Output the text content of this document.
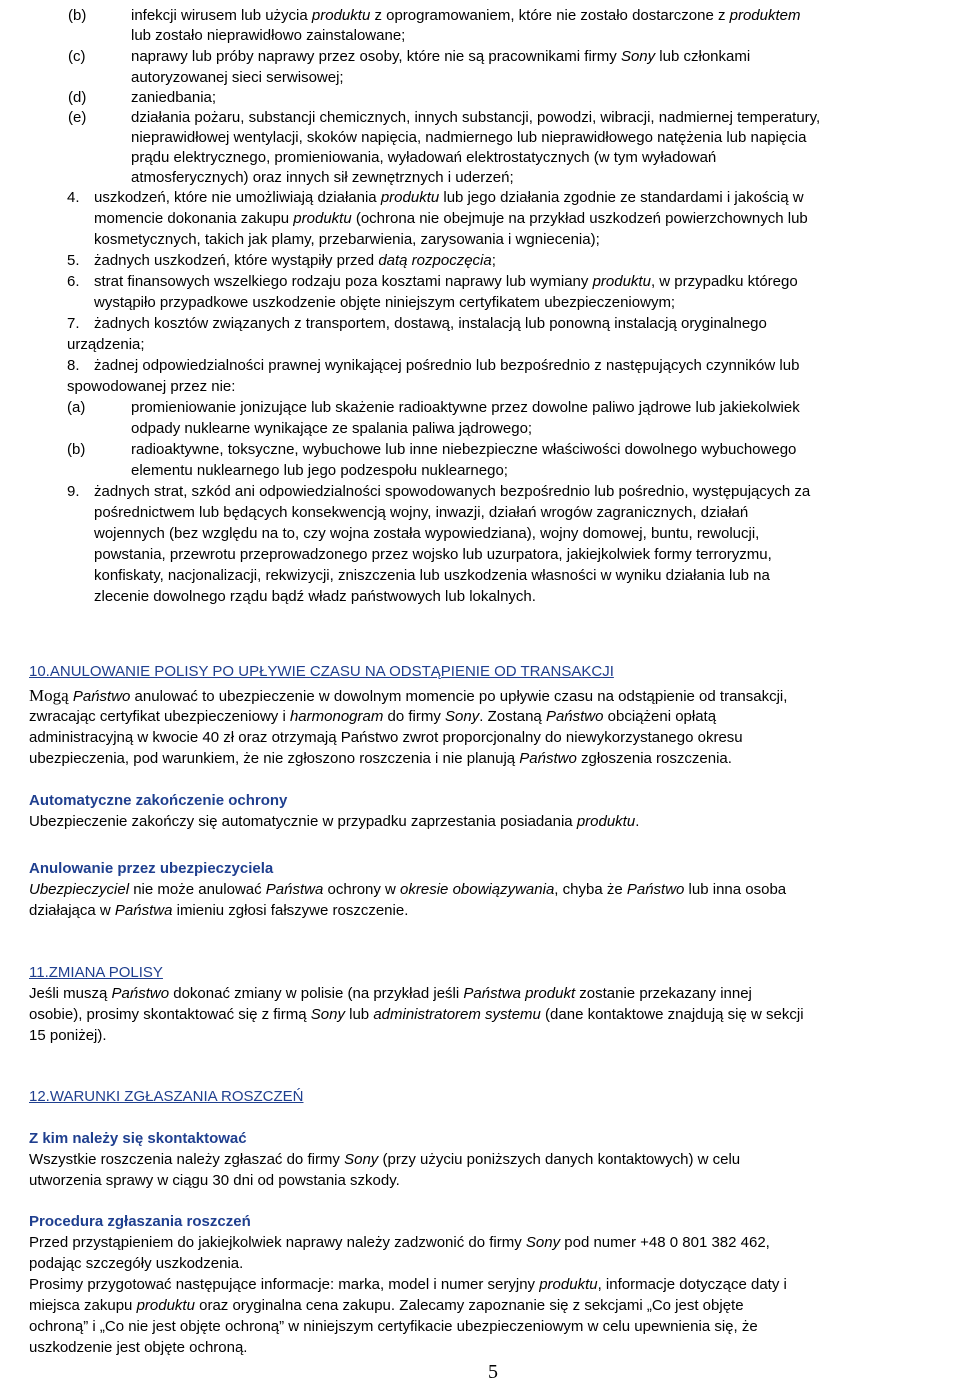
5
(b)	infekcji wirusem lub użycia produktu z oprogramowaniem, które nie zostało dostarczone z produktem
lub zostało nieprawidłowo zainstalowane;
(c)	naprawy lub próby naprawy przez osoby, które nie są pracownikami firmy Sony lub członkami
autoryzowanej sieci serwisowej;
(d)	zaniedbania;
(e)	działania pożaru, substancji chemicznych, innych substancji, powodzi, wibracji, nadmiernej temperatury,
nieprawidłowej wentylacji, skoków napięcia, nadmiernego lub nieprawidłowego natężenia lub napięcia
prądu elektrycznego, promieniowania, wyładowań elektrostatycznych (w tym wyładowań
atmosferycznych) oraz innych sił zewnętrznych i uderzeń;
4. uszkodzeń, które nie umożliwiają działania produktu lub jego działania zgodnie ze standardami i jakością w
momencie dokonania zakupu produktu (ochrona nie obejmuje na przykład uszkodzeń powierzchownych lub
kosmetycznych, takich jak plamy, przebarwienia, zarysowania i wgniecenia);
5. żadnych uszkodzeń, które wystąpiły przed datą rozpoczęcia;
6. strat finansowych wszelkiego rodzaju poza kosztami naprawy lub wymiany produktu, w przypadku którego
wystąpiło przypadkowe uszkodzenie objęte niniejszym certyfikatem ubezpieczeniowym;
7. żadnych kosztów związanych z transportem, dostawą, instalacją lub ponowną instalacją oryginalnego
urządzenia;
8. żadnej odpowiedzialności prawnej wynikającej pośrednio lub bezpośrednio z następujących czynników lub
spowodowanej przez nie:
(a)	promieniowanie jonizujące lub skażenie radioaktywne przez dowolne paliwo jądrowe lub jakiekolwiek
odpady nuklearne wynikające ze spalania paliwa jądrowego;
(b)	radioaktywne, toksyczne, wybuchowe lub inne niebezpieczne właściwości dowolnego wybuchowego
elementu nuklearnego lub jego podzespołu nuklearnego;
9. żadnych strat, szkód ani odpowiedzialności spowodowanych bezpośrednio lub pośrednio, występujących za
pośrednictwem lub będących konsekwencją wojny, inwazji, działań wrogów zagranicznych, działań
wojennych (bez względu na to, czy wojna została wypowiedziana), wojny domowej, buntu, rewolucji,
powstania, przewrotu przeprowadzonego przez wojsko lub uzurpatora, jakiejkolwiek formy terroryzmu,
konfiskaty, nacjonalizacji, rekwizycji, zniszczenia lub uszkodzenia własności w wyniku działania lub na
zlecenie dowolnego rządu bądź władz państwowych lub lokalnych.
10.ANULOWANIE POLISY PO UPŁYWIE CZASU NA ODSTĄPIENIE OD TRANSAKCJI
Mogą Państwo anulować to ubezpieczenie w dowolnym momencie po upływie czasu na odstąpienie od transakcji,
zwracając certyfikat ubezpieczeniowy i harmonogram do firmy Sony. Zostaną Państwo obciążeni opłatą
administracyjną w kwocie 40 zł oraz otrzymają Państwo zwrot proporcjonalny do niewykorzystanego okresu
ubezpieczenia, pod warunkiem, że nie zgłoszono roszczenia i nie planują Państwo zgłoszenia roszczenia.
Automatyczne zakończenie ochrony
Ubezpieczenie zakończy się automatycznie w przypadku zaprzestania posiadania produktu.
Anulowanie przez ubezpieczyciela
Ubezpieczyciel nie może anulować Państwa ochrony w okresie obowiązywania, chyba że Państwo lub inna osoba
działająca w Państwa imieniu zgłosi fałszywe roszczenie.
11.ZMIANA POLISY
Jeśli muszą Państwo dokonać zmiany w polisie (na przykład jeśli Państwa produkt zostanie przekazany innej
osobie), prosimy skontaktować się z firmą Sony lub administratorem systemu (dane kontaktowe znajdują się w sekcji
15 poniżej).
12.WARUNKI ZGŁASZANIA ROSZCZEŃ
Z kim należy się skontaktować
Wszystkie roszczenia należy zgłaszać do firmy Sony (przy użyciu poniższych danych kontaktowych) w celu
utworzenia sprawy w ciągu 30 dni od powstania szkody.
Procedura zgłaszania roszczeń
Przed przystąpieniem do jakiejkolwiek naprawy należy zadzwonić do firmy Sony pod numer +48 0 801 382 462,
podając szczegóły uszkodzenia.
Prosimy przygotować następujące informacje: marka, model i numer seryjny produktu, informacje dotyczące daty i
miejsca zakupu produktu oraz oryginalna cena zakupu. Zalecamy zapoznanie się z sekcjami „Co jest objęte
ochroną” i „Co nie jest objęte ochroną” w niniejszym certyfikacie ubezpieczeniowym w celu upewnienia się, że
uszkodzenie jest objęte ochroną.
